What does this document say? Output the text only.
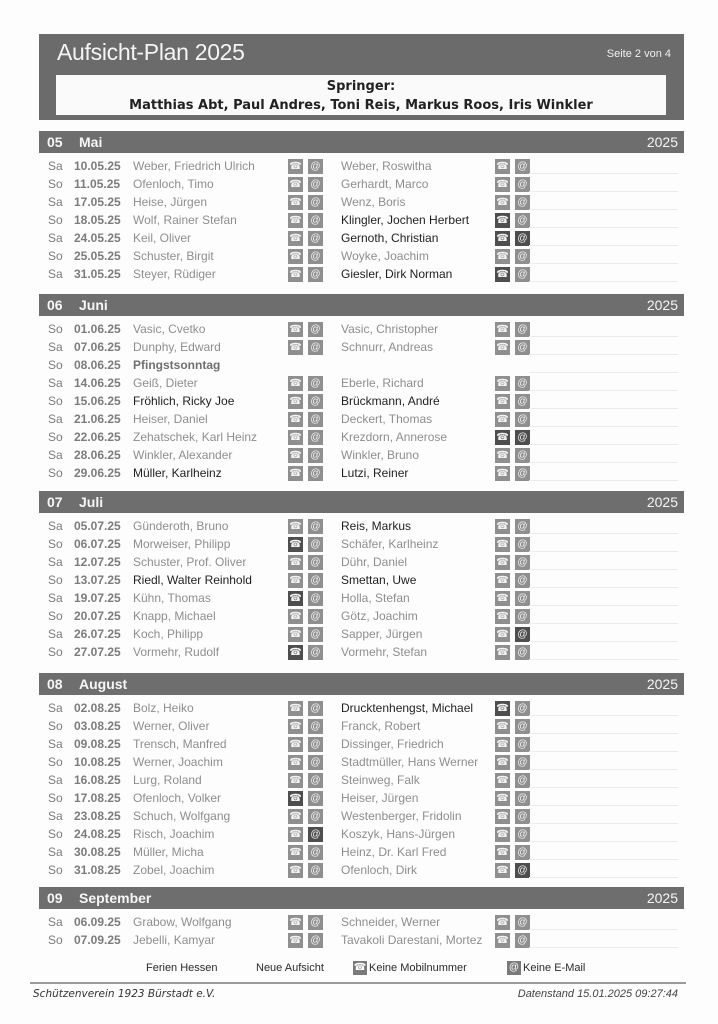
Aufsicht-Plan 2025	Seite 2 von 4
Springer:
Matthias Abt, Paul Andres, Toni Reis, Markus Roos, Iris Winkler
05 Mai	2025
Sa 10.05.25 Weber, Friedrich Ulrich	☎ @ Weber, Roswitha	☎ @
So 11.05.25 Ofenloch, Timo	☎ @ Gerhardt, Marco	☎ @
Sa 17.05.25 Heise, Jürgen	☎ @ Wenz, Boris	☎ @
So 18.05.25 Wolf, Rainer Stefan	☎ @ Klingler, Jochen Herbert	☎ @
Sa 24.05.25 Keil, Oliver	☎ @ Gernoth, Christian	☎ @
So 25.05.25 Schuster, Birgit	☎ @ Woyke, Joachim	☎ @
Sa 31.05.25 Steyer, Rüdiger	☎ @ Giesler, Dirk Norman	☎ @
06 Juni	2025
So 01.06.25 Vasic, Cvetko	☎ @ Vasic, Christopher	☎ @
Sa 07.06.25 Dunphy, Edward	☎ @ Schnurr, Andreas	☎ @
So 08.06.25 Pfingstsonntag
Sa 14.06.25 Geiß, Dieter	☎ @ Eberle, Richard	☎ @
So 15.06.25 Fröhlich, Ricky Joe	☎ @ Brückmann, André	☎ @
Sa 21.06.25 Heiser, Daniel	☎ @ Deckert, Thomas	☎ @
So 22.06.25 Zehatschek, Karl Heinz	☎ @ Krezdorn, Annerose	☎ @
Sa 28.06.25 Winkler, Alexander	☎ @ Winkler, Bruno	☎ @
So 29.06.25 Müller, Karlheinz	☎ @ Lutzi, Reiner	☎ @
07 Juli	2025
Sa 05.07.25 Günderoth, Bruno	☎ @ Reis, Markus	☎ @
So 06.07.25 Morweiser, Philipp	☎ @ Schäfer, Karlheinz	☎ @
Sa 12.07.25 Schuster, Prof. Oliver	☎ @ Dühr, Daniel	☎ @
So 13.07.25 Riedl, Walter Reinhold	☎ @ Smettan, Uwe	☎ @
Sa 19.07.25 Kühn, Thomas	☎ @ Holla, Stefan	☎ @
So 20.07.25 Knapp, Michael	☎ @ Götz, Joachim	☎ @
Sa 26.07.25 Koch, Philipp	☎ @ Sapper, Jürgen	☎ @
So 27.07.25 Vormehr, Rudolf	☎ @ Vormehr, Stefan	☎ @
08 August	2025
Sa 02.08.25 Bolz, Heiko	☎ @ Drucktenhengst, Michael ☎ @
So 03.08.25 Werner, Oliver	☎ @ Franck, Robert	☎ @
Sa 09.08.25 Trensch, Manfred	☎ @ Dissinger, Friedrich	☎ @
So 10.08.25 Werner, Joachim	☎ @ Stadtmüller, Hans Werner ☎ @
Sa 16.08.25 Lurg, Roland	☎ @ Steinweg, Falk	☎ @
So 17.08.25 Ofenloch, Volker	☎ @ Heiser, Jürgen	☎ @
Sa 23.08.25 Schuch, Wolfgang	☎ @ Westenberger, Fridolin	☎ @
So 24.08.25 Risch, Joachim	☎ @ Koszyk, Hans-Jürgen	☎ @
Sa 30.08.25 Müller, Micha	☎ @ Heinz, Dr. Karl Fred	☎ @
So 31.08.25 Zobel, Joachim	☎ @ Ofenloch, Dirk	☎ @
09 September	2025
Sa 06.09.25 Grabow, Wolfgang	☎ @ Schneider, Werner	☎ @
So 07.09.25 Jebelli, Kamyar	☎ @ Tavakoli Darestani, Mortez ☎ @
Ferien Hessen	Neue Aufsicht	☎ Keine Mobilnummer	@ Keine E-Mail
Schützenverein 1923 Bürstadt e.V.	Datenstand 15.01.2025 09:27:44
